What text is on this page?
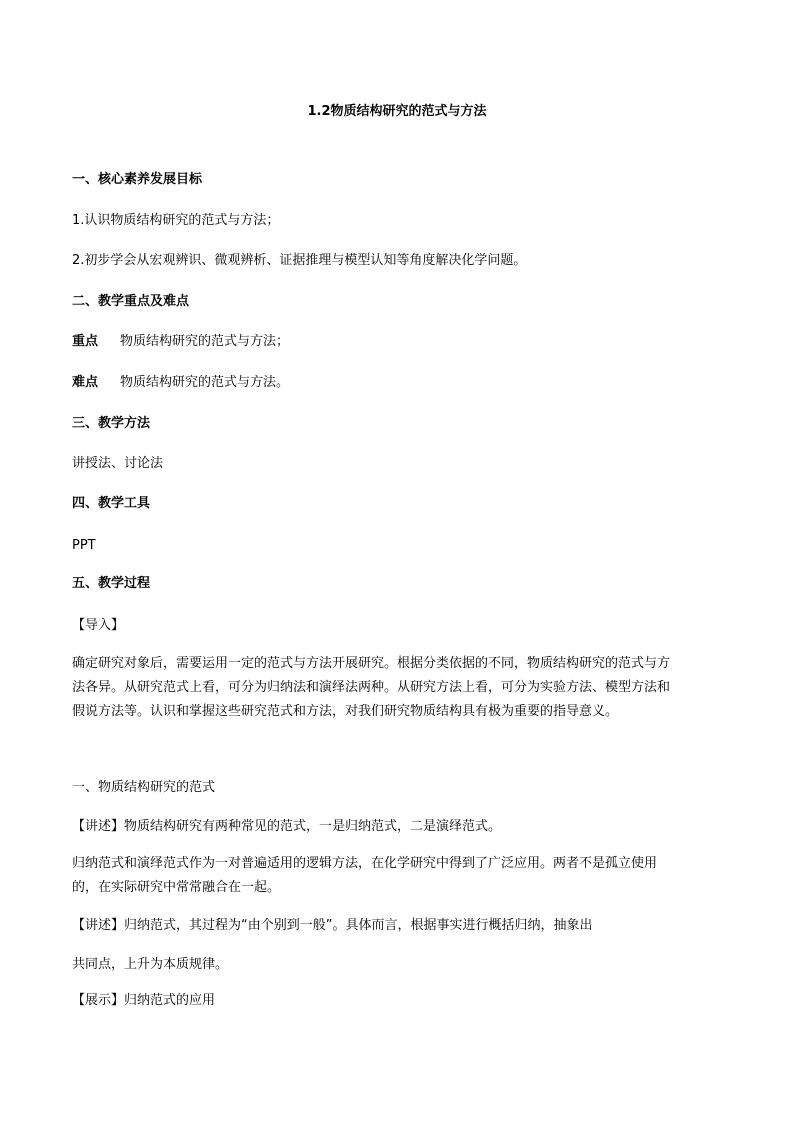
1.2物质结构研究的范式与方法
一、核心素养发展目标
1.认识物质结构研究的范式与方法；
2.初步学会从宏观辨识、微观辨析、证据推理与模型认知等角度解决化学问题。
二、教学重点及难点
重点 物质结构研究的范式与方法；
难点 物质结构研究的范式与方法。
三、教学方法
讲授法、讨论法
四、教学工具
PPT
五、教学过程
【导入】
确定研究对象后，需要运用一定的范式与方法开展研究。根据分类依据的不同，物质结构研究的范式与方
法各异。从研究范式上看，可分为归纳法和演绎法两种。从研究方法上看，可分为实验方法、模型方法和
假说方法等。认识和掌握这些研究范式和方法，对我们研究物质结构具有极为重要的指导意义。
一、物质结构研究的范式
【讲述】物质结构研究有两种常见的范式，一是归纳范式，二是演绎范式。
归纳范式和演绎范式作为一对普遍适用的逻辑方法，在化学研究中得到了广泛应用。两者不是孤立使用
的，在实际研究中常常融合在一起。
【讲述】归纳范式，其过程为“由个别到一般”。具体而言，根据事实进行概括归纳，抽象出
共同点，上升为本质规律。
【展示】归纳范式的应用
